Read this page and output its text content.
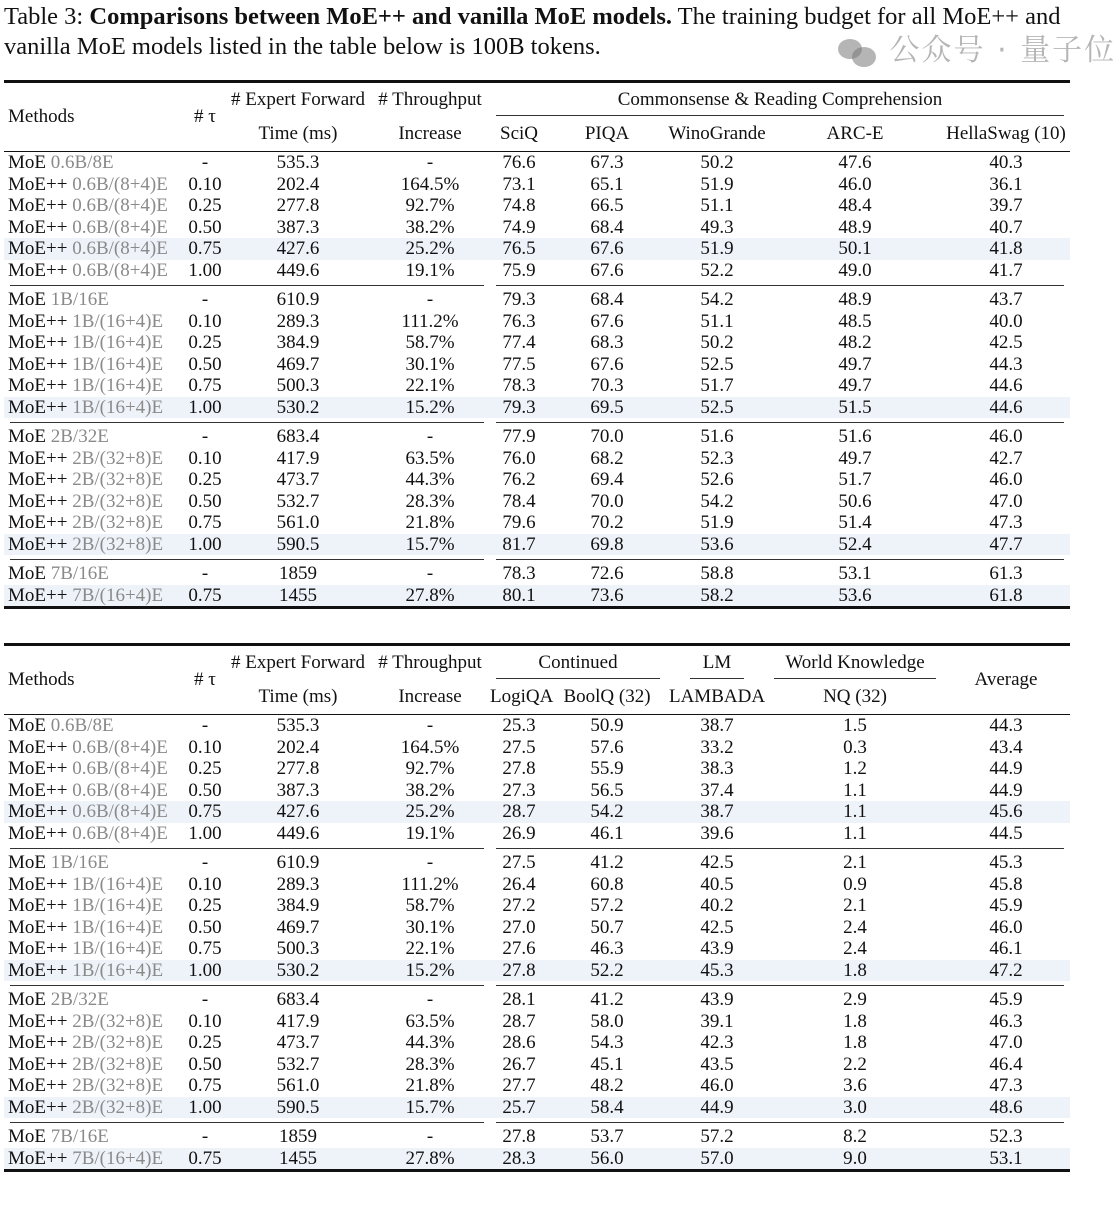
Table 3: Comparisons between MoE++ and vanilla MoE models. The training budget for all MoE++ and vanilla MoE models listed in the table below is 100B tokens.
Methods	# τ	# Expert Forward	# Throughput	Commonsense & Reading Comprehension				

		Time (ms)	Increase	SciQ	PIQA	WinoGrande	ARC-E	HellaSwag (10)
MoE 0.6B/8E	-	535.3	-	76.6	67.3	50.2	47.6	40.3
MoE++ 0.6B/(8+4)E	0.10	202.4	164.5%	73.1	65.1	51.9	46.0	36.1
MoE++ 0.6B/(8+4)E	0.25	277.8	92.7%	74.8	66.5	51.1	48.4	39.7
MoE++ 0.6B/(8+4)E	0.50	387.3	38.2%	74.9	68.4	49.3	48.9	40.7
MoE++ 0.6B/(8+4)E	0.75	427.6	25.2%	76.5	67.6	51.9	50.1	41.8
MoE++ 0.6B/(8+4)E	1.00	449.6	19.1%	75.9	67.6	52.2	49.0	41.7

MoE 1B/16E	-	610.9	-	79.3	68.4	54.2	48.9	43.7
MoE++ 1B/(16+4)E	0.10	289.3	111.2%	76.3	67.6	51.1	48.5	40.0
MoE++ 1B/(16+4)E	0.25	384.9	58.7%	77.4	68.3	50.2	48.2	42.5
MoE++ 1B/(16+4)E	0.50	469.7	30.1%	77.5	67.6	52.5	49.7	44.3
MoE++ 1B/(16+4)E	0.75	500.3	22.1%	78.3	70.3	51.7	49.7	44.6
MoE++ 1B/(16+4)E	1.00	530.2	15.2%	79.3	69.5	52.5	51.5	44.6

MoE 2B/32E	-	683.4	-	77.9	70.0	51.6	51.6	46.0
MoE++ 2B/(32+8)E	0.10	417.9	63.5%	76.0	68.2	52.3	49.7	42.7
MoE++ 2B/(32+8)E	0.25	473.7	44.3%	76.2	69.4	52.6	51.7	46.0
MoE++ 2B/(32+8)E	0.50	532.7	28.3%	78.4	70.0	54.2	50.6	47.0
MoE++ 2B/(32+8)E	0.75	561.0	21.8%	79.6	70.2	51.9	51.4	47.3
MoE++ 2B/(32+8)E	1.00	590.5	15.7%	81.7	69.8	53.6	52.4	47.7

MoE 7B/16E	-	1859	-	78.3	72.6	58.8	53.1	61.3
MoE++ 7B/(16+4)E	0.75	1455	27.8%	80.1	73.6	58.2	53.6	61.8
Methods	# τ	# Expert Forward	# Throughput	Continued		LM	World Knowledge	Average
		Time (ms)	Increase	LogiQA	BoolQ (32)	LAMBADA	NQ (32)	
MoE 0.6B/8E	-	535.3	-	25.3	50.9	38.7	1.5	44.3
MoE++ 0.6B/(8+4)E	0.10	202.4	164.5%	27.5	57.6	33.2	0.3	43.4
MoE++ 0.6B/(8+4)E	0.25	277.8	92.7%	27.8	55.9	38.3	1.2	44.9
MoE++ 0.6B/(8+4)E	0.50	387.3	38.2%	27.3	56.5	37.4	1.1	44.9
MoE++ 0.6B/(8+4)E	0.75	427.6	25.2%	28.7	54.2	38.7	1.1	45.6
MoE++ 0.6B/(8+4)E	1.00	449.6	19.1%	26.9	46.1	39.6	1.1	44.5

MoE 1B/16E	-	610.9	-	27.5	41.2	42.5	2.1	45.3
MoE++ 1B/(16+4)E	0.10	289.3	111.2%	26.4	60.8	40.5	0.9	45.8
MoE++ 1B/(16+4)E	0.25	384.9	58.7%	27.2	57.2	40.2	2.1	45.9
MoE++ 1B/(16+4)E	0.50	469.7	30.1%	27.0	50.7	42.5	2.4	46.0
MoE++ 1B/(16+4)E	0.75	500.3	22.1%	27.6	46.3	43.9	2.4	46.1
MoE++ 1B/(16+4)E	1.00	530.2	15.2%	27.8	52.2	45.3	1.8	47.2

MoE 2B/32E	-	683.4	-	28.1	41.2	43.9	2.9	45.9
MoE++ 2B/(32+8)E	0.10	417.9	63.5%	28.7	58.0	39.1	1.8	46.3
MoE++ 2B/(32+8)E	0.25	473.7	44.3%	28.6	54.3	42.3	1.8	47.0
MoE++ 2B/(32+8)E	0.50	532.7	28.3%	26.7	45.1	43.5	2.2	46.4
MoE++ 2B/(32+8)E	0.75	561.0	21.8%	27.7	48.2	46.0	3.6	47.3
MoE++ 2B/(32+8)E	1.00	590.5	15.7%	25.7	58.4	44.9	3.0	48.6

MoE 7B/16E	-	1859	-	27.8	53.7	57.2	8.2	52.3
MoE++ 7B/(16+4)E	0.75	1455	27.8%	28.3	56.0	57.0	9.0	53.1
公众号 · 量子位
